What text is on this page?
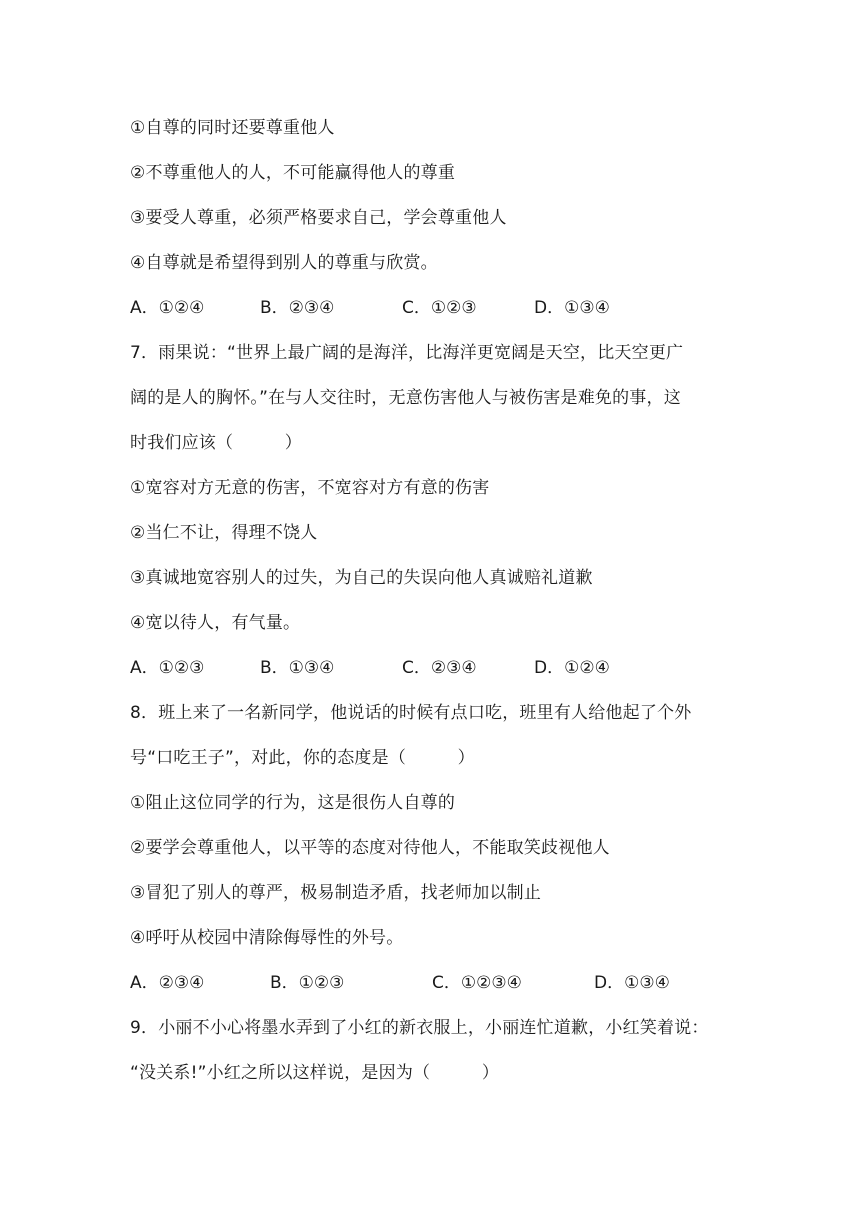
①自尊的同时还要尊重他人
②不尊重他人的人，不可能赢得他人的尊重
③要受人尊重，必须严格要求自己，学会尊重他人
④自尊就是希望得到别人的尊重与欣赏。
A．①②④	B．②③④	C．①②③	D．①③④
7．雨果说：“世界上最广阔的是海洋，比海洋更宽阔是天空，比天空更广
阔的是人的胸怀。”在与人交往时，无意伤害他人与被伤害是难免的事，这
时我们应该（　　　）
①宽容对方无意的伤害，不宽容对方有意的伤害
②当仁不让，得理不饶人
③真诚地宽容别人的过失，为自己的失误向他人真诚赔礼道歉
④宽以待人，有气量。
A．①②③	B．①③④	C．②③④	D．①②④
8．班上来了一名新同学，他说话的时候有点口吃，班里有人给他起了个外
号“口吃王子”，对此，你的态度是（　　　）
①阻止这位同学的行为，这是很伤人自尊的
②要学会尊重他人，以平等的态度对待他人，不能取笑歧视他人
③冒犯了别人的尊严，极易制造矛盾，找老师加以制止
④呼吁从校园中清除侮辱性的外号。
A．②③④	B．①②③	C．①②③④	D．①③④
9．小丽不小心将墨水弄到了小红的新衣服上，小丽连忙道歉，小红笑着说：
“没关系!”小红之所以这样说，是因为（　　　）
